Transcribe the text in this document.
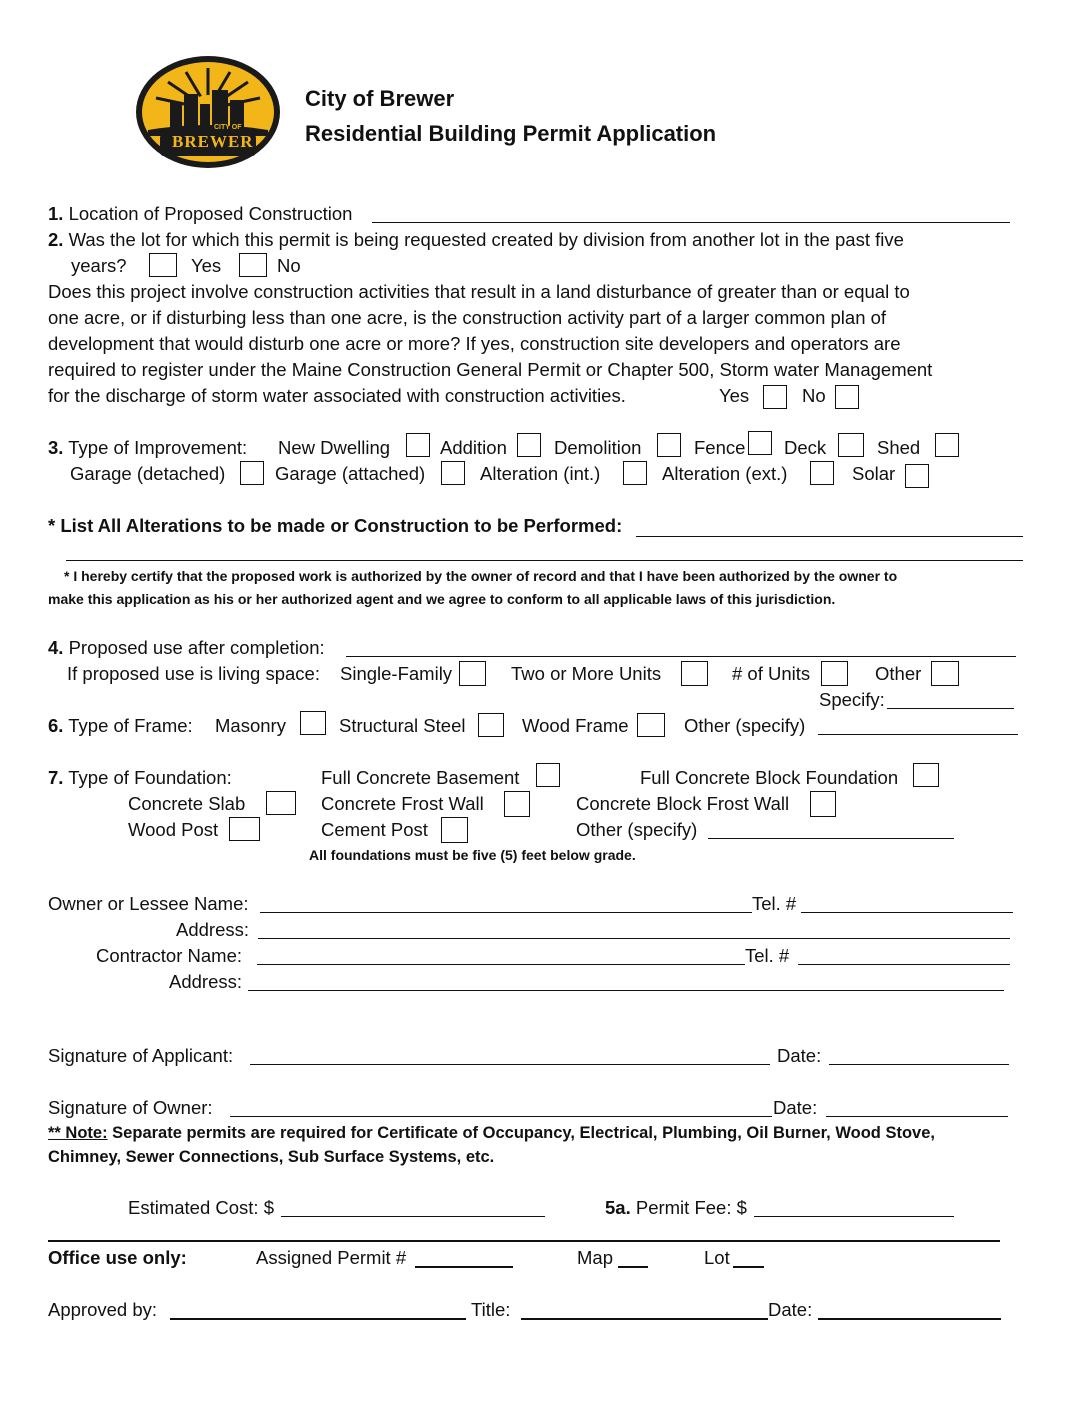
CITY OF
BREWER
City of Brewer
Residential Building Permit Application
1. Location of Proposed Construction
2. Was the lot for which this permit is being requested created by division from another lot in the past five
years?	Yes	No
Does this project involve construction activities that result in a land disturbance of greater than or equal to
one acre, or if disturbing less than one acre, is the construction activity part of a larger common plan of
development that would disturb one acre or more? If yes, construction site developers and operators are
required to register under the Maine Construction General Permit or Chapter 500, Storm water Management
for the discharge of storm water associated with construction activities.	Yes	No
3. Type of Improvement: New Dwelling	Addition	Demolition	Fence Deck	Shed
Garage (detached)	Garage (attached)	Alteration (int.)	Alteration (ext.)	Solar
* List All Alterations to be made or Construction to be Performed:
* I hereby certify that the proposed work is authorized by the owner of record and that I have been authorized by the owner to
make this application as his or her authorized agent and we agree to conform to all applicable laws of this jurisdiction.
4. Proposed use after completion:
If proposed use is living space: Single-Family	Two or More Units	# of Units	Other
Specify:
6. Type of Frame: Masonry	Structural Steel	Wood Frame	Other (specify)
7. Type of Foundation:	Full Concrete Basement	Full Concrete Block Foundation
Concrete Slab	Concrete Frost Wall	Concrete Block Frost Wall
Wood Post	Cement Post	Other (specify)
All foundations must be five (5) feet below grade.
Owner or Lessee Name:	Tel. #
Address:
Contractor Name:	Tel. #
Address:
Signature of Applicant:	Date:
Signature of Owner:	Date:
** Note: Separate permits are required for Certificate of Occupancy, Electrical, Plumbing, Oil Burner, Wood Stove,
Chimney, Sewer Connections, Sub Surface Systems, etc.
Estimated Cost: $	5a. Permit Fee: $
Office use only:	Assigned Permit #	Map	Lot
Approved by:	Title:	Date:
